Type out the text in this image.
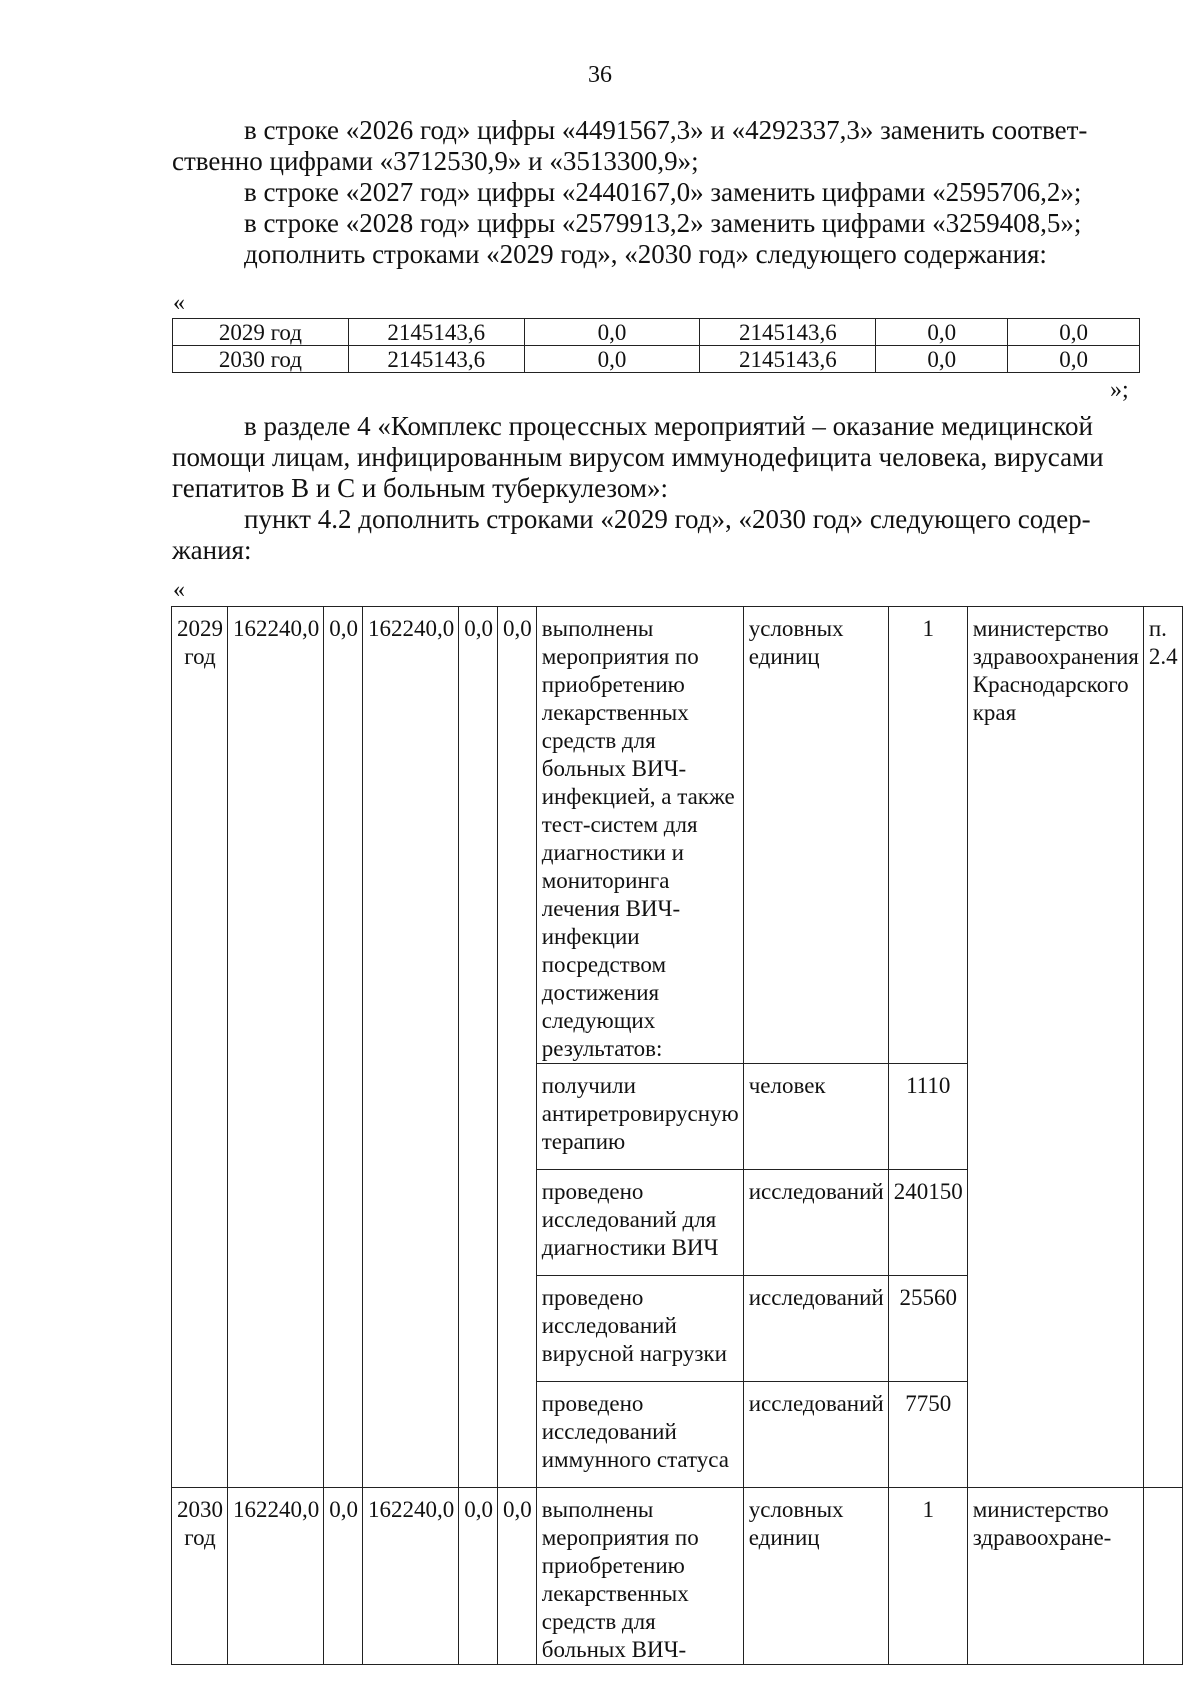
36
в строке «2026 год» цифры «4491567,3» и «4292337,3» заменить соответ-
ственно цифрами «3712530,9» и «3513300,9»;
в строке «2027 год» цифры «2440167,0» заменить цифрами «2595706,2»;
в строке «2028 год» цифры «2579913,2» заменить цифрами «3259408,5»;
дополнить строками «2029 год», «2030 год» следующего содержания:
«
2029 год	2145143,6	0,0	2145143,6	0,0	0,0
2030 год	2145143,6	0,0	2145143,6	0,0	0,0
»;
в разделе 4 «Комплекс процессных мероприятий – оказание медицинской
помощи лицам, инфицированным вирусом иммунодефицита человека, вирусами
гепатитов В и С и больным туберкулезом»:
пункт 4.2 дополнить строками «2029 год», «2030 год» следующего содер-
жания:
«
2029 год	162240,0	0,0	162240,0	0,0	0,0	выполнены мероприятия по приобретению лекарственных средств для больных ВИЧ-инфекцией, а также тест-систем для диагностики и мониторинга лечения ВИЧ-инфекции посредством достижения следующих результатов:	условных единиц	1	министерство здравоохранения Краснодарского края	п. 2.4
						получили антиретровирусную терапию	человек	1110		
						проведено исследований для диагностики ВИЧ	исследований	240150		
						проведено исследований вирусной нагрузки	исследований	25560		
						проведено исследований иммунного статуса	исследований	7750		
2030 год	162240,0	0,0	162240,0	0,0	0,0	выполнены мероприятия по приобретению лекарственных средств для больных ВИЧ-	условных единиц	1	министерство здравоохране-	
